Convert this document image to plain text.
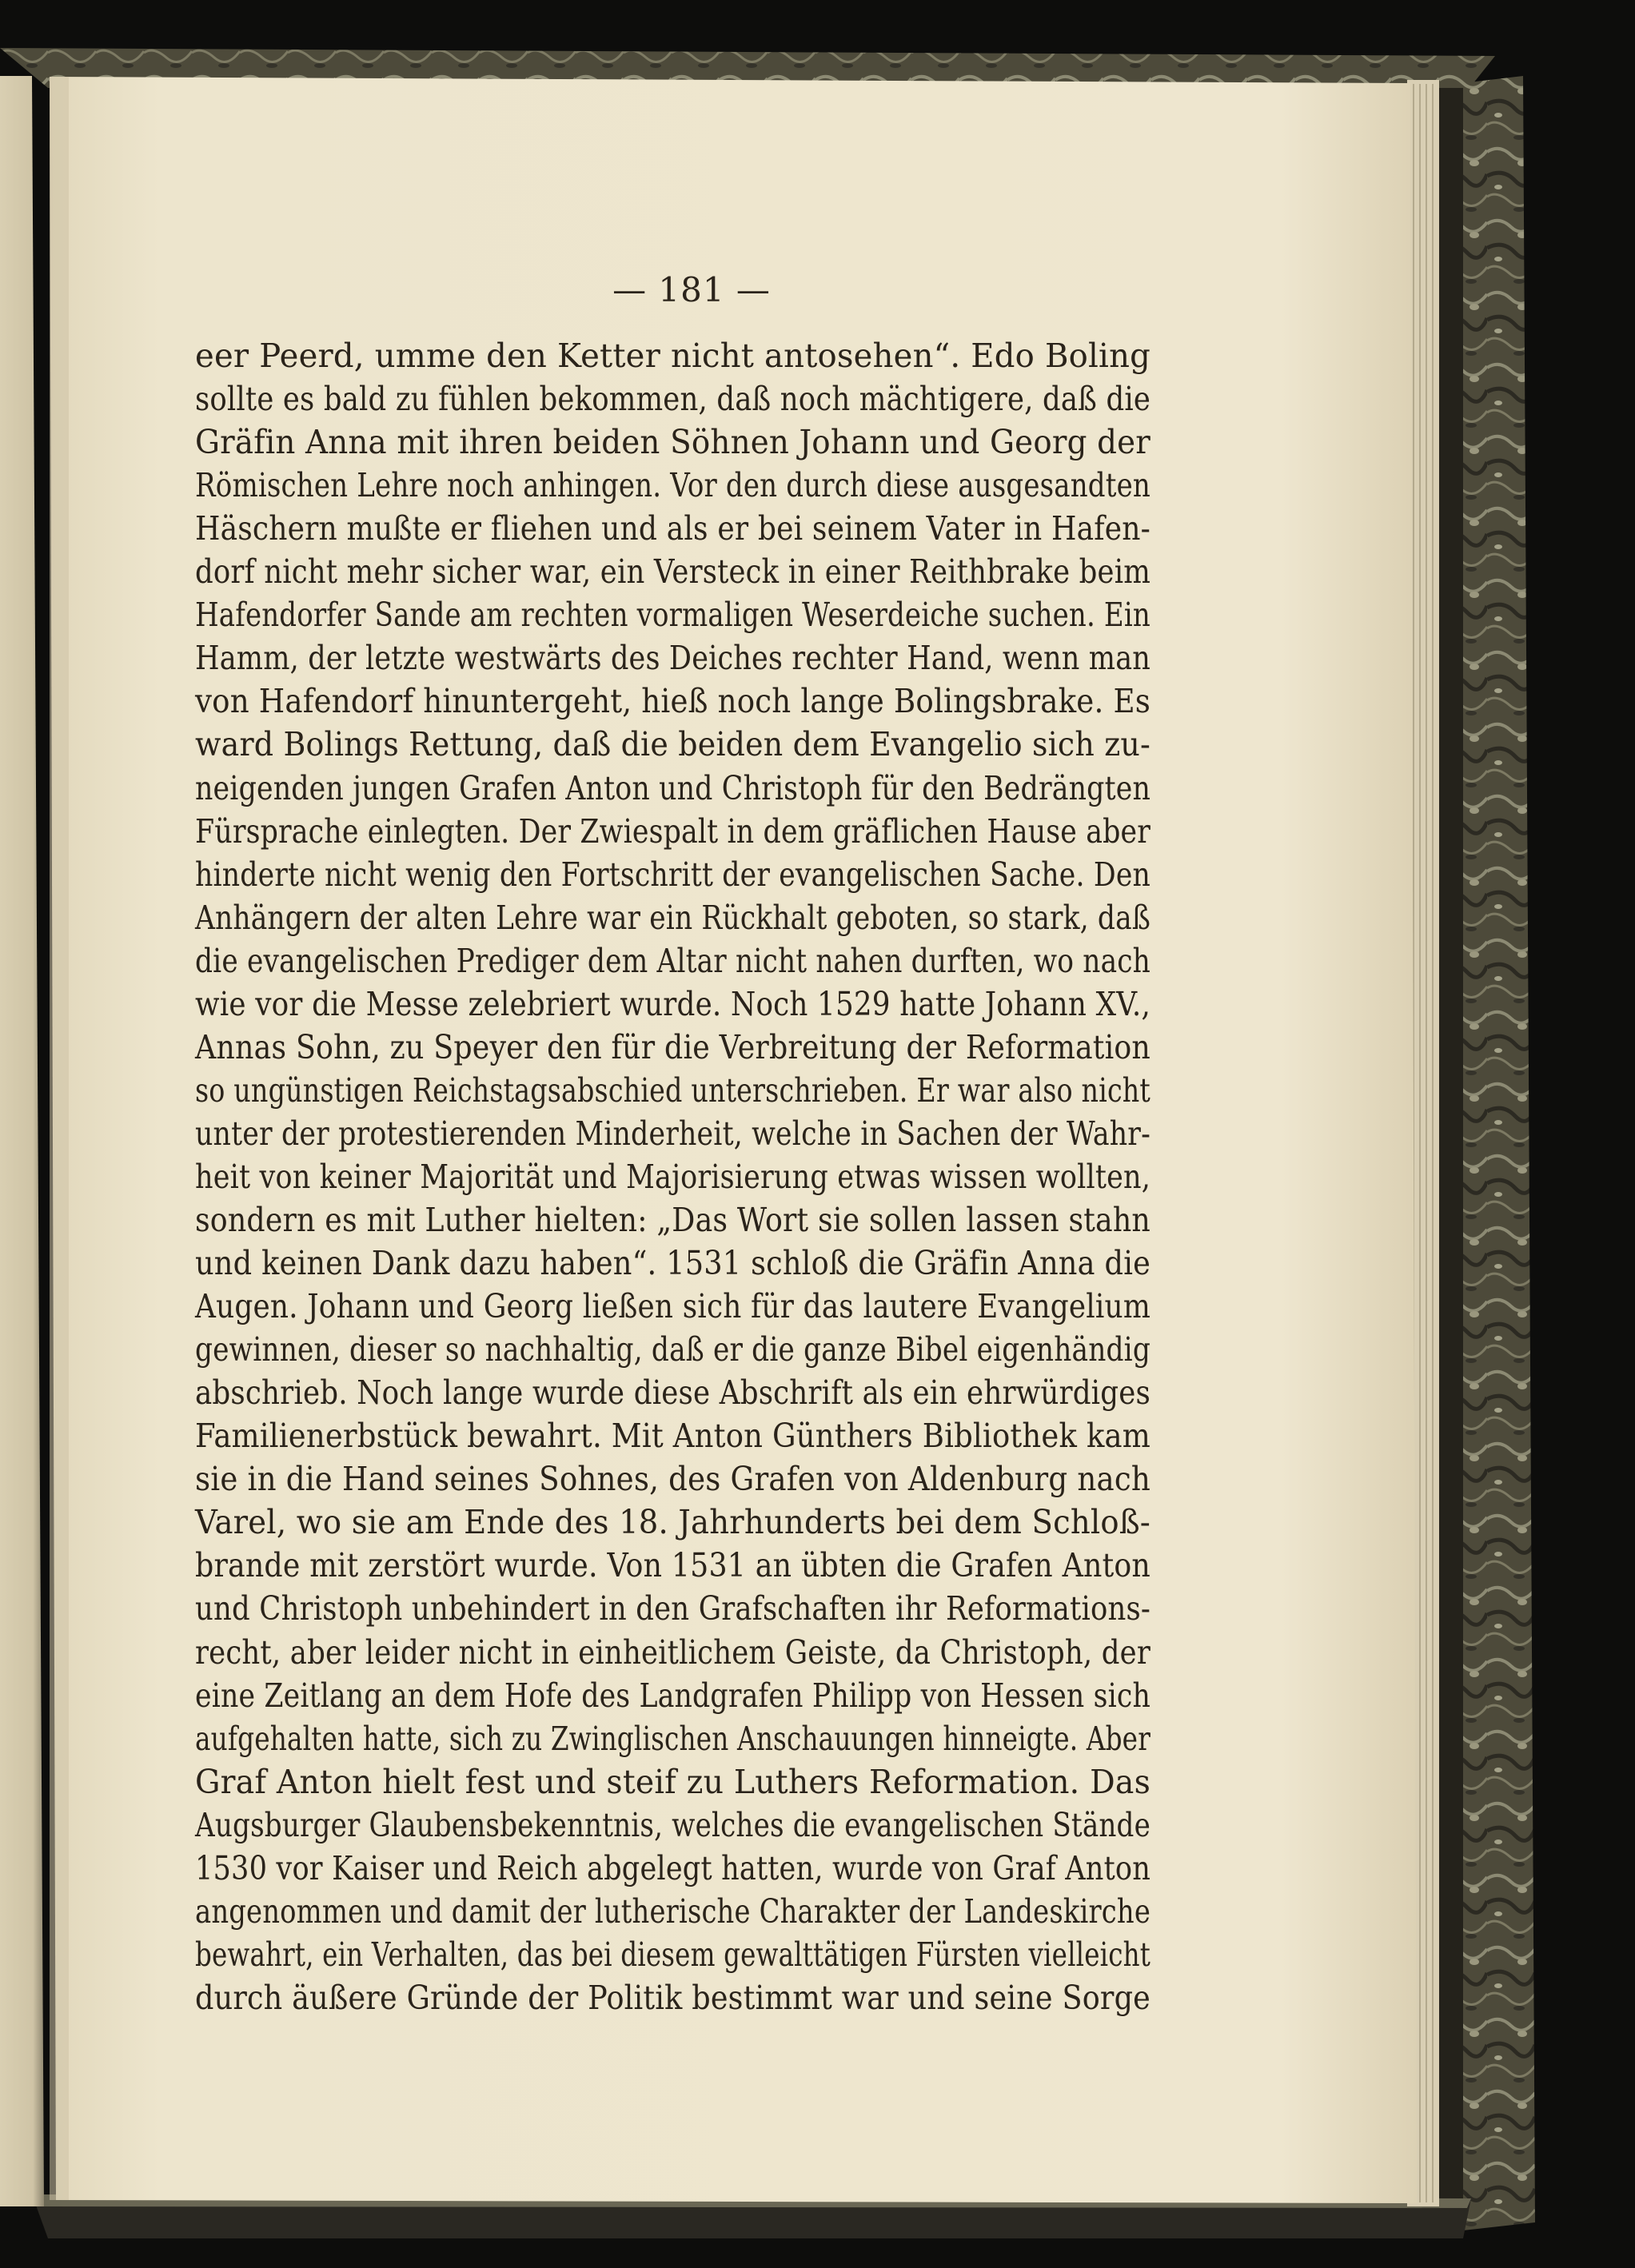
— 181 —
eer Peerd, umme den Ketter nicht antosehen“. Edo Boling
sollte es bald zu fühlen bekommen, daß noch mächtigere, daß die
Gräfin Anna mit ihren beiden Söhnen Johann und Georg der
Römischen Lehre noch anhingen. Vor den durch diese ausgesandten
Häschern mußte er fliehen und als er bei seinem Vater in Hafen-
dorf nicht mehr sicher war, ein Versteck in einer Reithbrake beim
Hafendorfer Sande am rechten vormaligen Weserdeiche suchen. Ein
Hamm, der letzte westwärts des Deiches rechter Hand, wenn man
von Hafendorf hinuntergeht, hieß noch lange Bolingsbrake. Es
ward Bolings Rettung, daß die beiden dem Evangelio sich zu-
neigenden jungen Grafen Anton und Christoph für den Bedrängten
Fürsprache einlegten. Der Zwiespalt in dem gräflichen Hause aber
hinderte nicht wenig den Fortschritt der evangelischen Sache. Den
Anhängern der alten Lehre war ein Rückhalt geboten, so stark, daß
die evangelischen Prediger dem Altar nicht nahen durften, wo nach
wie vor die Messe zelebriert wurde. Noch 1529 hatte Johann XV.,
Annas Sohn, zu Speyer den für die Verbreitung der Reformation
so ungünstigen Reichstagsabschied unterschrieben. Er war also nicht
unter der protestierenden Minderheit, welche in Sachen der Wahr-
heit von keiner Majorität und Majorisierung etwas wissen wollten,
sondern es mit Luther hielten: „Das Wort sie sollen lassen stahn
und keinen Dank dazu haben“. 1531 schloß die Gräfin Anna die
Augen. Johann und Georg ließen sich für das lautere Evangelium
gewinnen, dieser so nachhaltig, daß er die ganze Bibel eigenhändig
abschrieb. Noch lange wurde diese Abschrift als ein ehrwürdiges
Familienerbstück bewahrt. Mit Anton Günthers Bibliothek kam
sie in die Hand seines Sohnes, des Grafen von Aldenburg nach
Varel, wo sie am Ende des 18. Jahrhunderts bei dem Schloß-
brande mit zerstört wurde. Von 1531 an übten die Grafen Anton
und Christoph unbehindert in den Grafschaften ihr Reformations-
recht, aber leider nicht in einheitlichem Geiste, da Christoph, der
eine Zeitlang an dem Hofe des Landgrafen Philipp von Hessen sich
aufgehalten hatte, sich zu Zwinglischen Anschauungen hinneigte. Aber
Graf Anton hielt fest und steif zu Luthers Reformation. Das
Augsburger Glaubensbekenntnis, welches die evangelischen Stände
1530 vor Kaiser und Reich abgelegt hatten, wurde von Graf Anton
angenommen und damit der lutherische Charakter der Landeskirche
bewahrt, ein Verhalten, das bei diesem gewalttätigen Fürsten vielleicht
durch äußere Gründe der Politik bestimmt war und seine Sorge
